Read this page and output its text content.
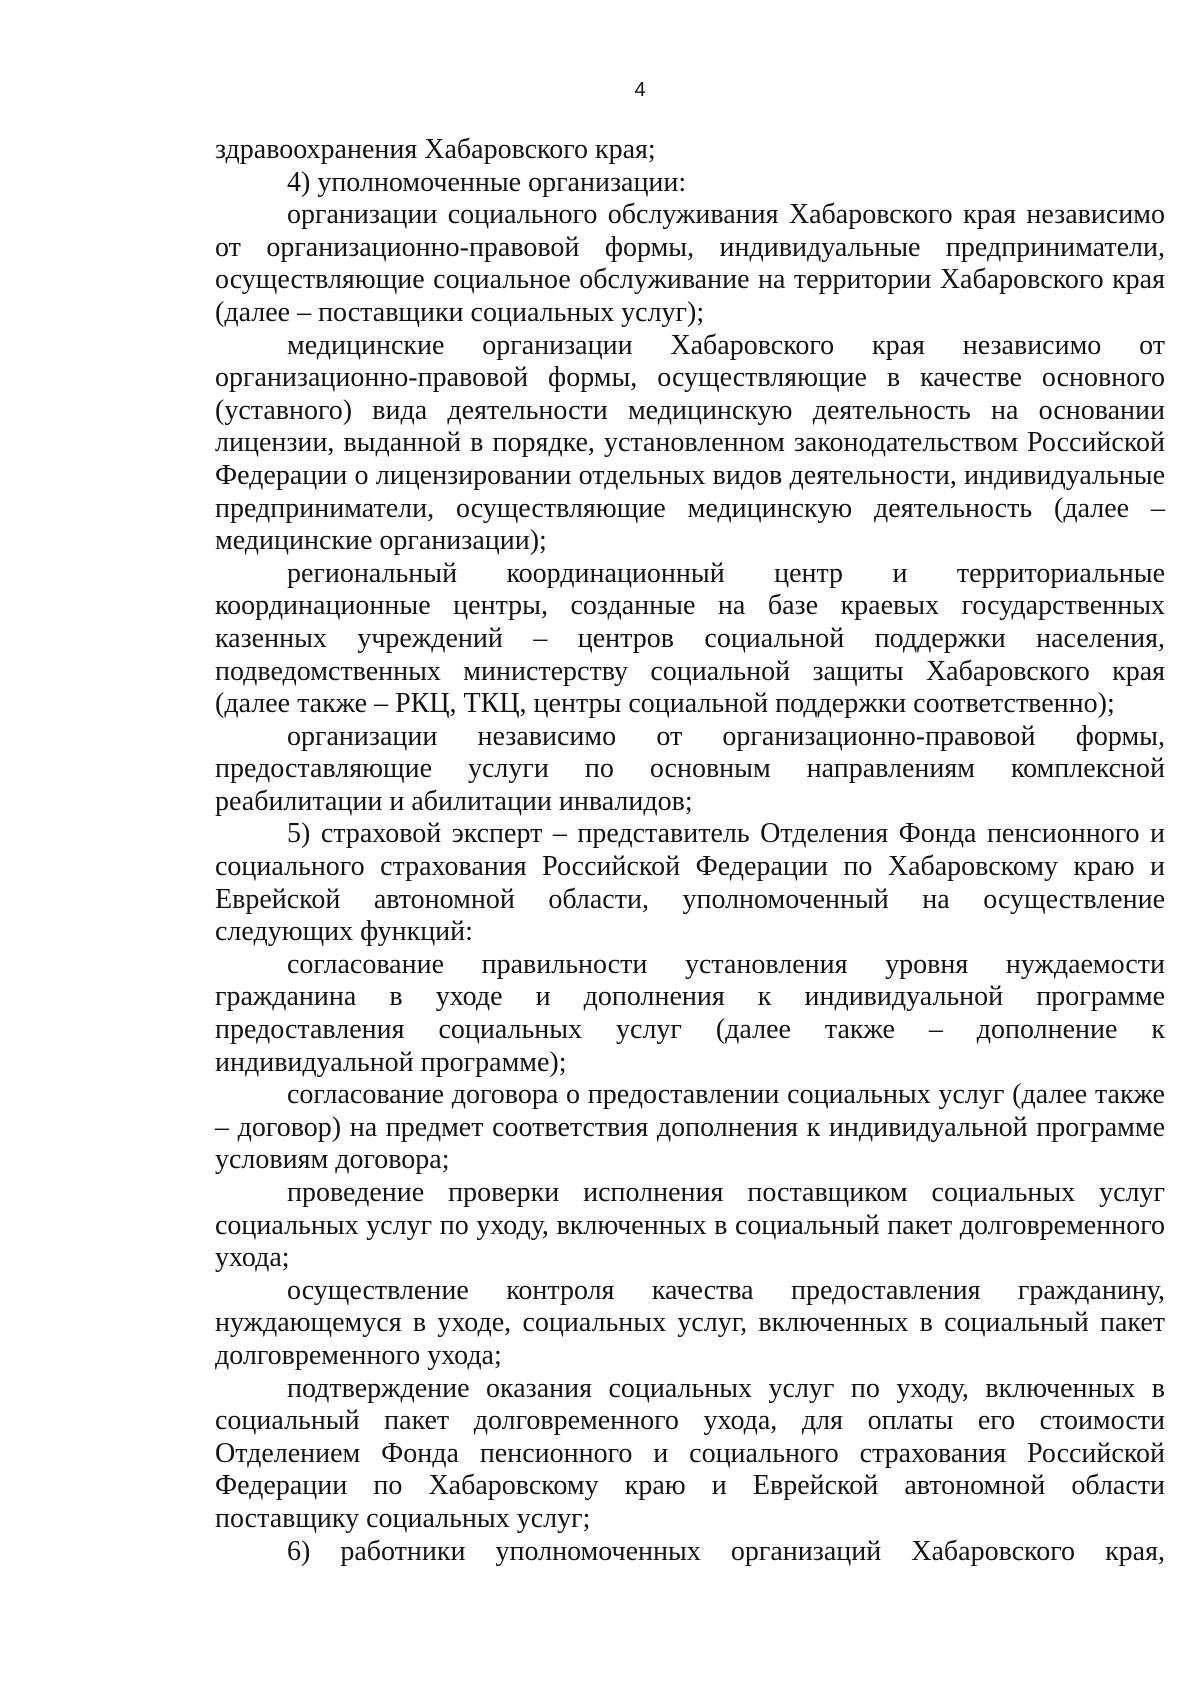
4

здравоохранения Хабаровского края;

4) уполномоченные организации:

организации социального обслуживания Хабаровского края независимо от организационно-правовой формы, индивидуальные предприниматели, осуществляющие социальное обслуживание на территории Хабаровского края (далее – поставщики социальных услуг);

медицинские организации Хабаровского края независимо от организационно-правовой формы, осуществляющие в качестве основного (уставного) вида деятельности медицинскую деятельность на основании лицензии, выданной в порядке, установленном законодательством Российской Федерации о лицензировании отдельных видов деятельности, индивидуальные предприниматели, осуществляющие медицинскую деятельность (далее – медицинские организации);

региональный координационный центр и территориальные координационные центры, созданные на базе краевых государственных казенных учреждений – центров социальной поддержки населения, подведомственных министерству социальной защиты Хабаровского края (далее также – РКЦ, ТКЦ, центры социальной поддержки соответственно);

организации независимо от организационно-правовой формы, предоставляющие услуги по основным направлениям комплексной реабилитации и абилитации инвалидов;

5) страховой эксперт – представитель Отделения Фонда пенсионного и социального страхования Российской Федерации по Хабаровскому краю и Еврейской автономной области, уполномоченный на осуществление следующих функций:

согласование правильности установления уровня нуждаемости гражданина в уходе и дополнения к индивидуальной программе предоставления социальных услуг (далее также – дополнение к индивидуальной программе);

согласование договора о предоставлении социальных услуг (далее также – договор) на предмет соответствия дополнения к индивидуальной программе условиям договора;

проведение проверки исполнения поставщиком социальных услуг социальных услуг по уходу, включенных в социальный пакет долговременного ухода;

осуществление контроля качества предоставления гражданину, нуждающемуся в уходе, социальных услуг, включенных в социальный пакет долговременного ухода;

подтверждение оказания социальных услуг по уходу, включенных в социальный пакет долговременного ухода, для оплаты его стоимости Отделением Фонда пенсионного и социального страхования Российской Федерации по Хабаровскому краю и Еврейской автономной области поставщику социальных услуг;

6) работники уполномоченных организаций Хабаровского края,
